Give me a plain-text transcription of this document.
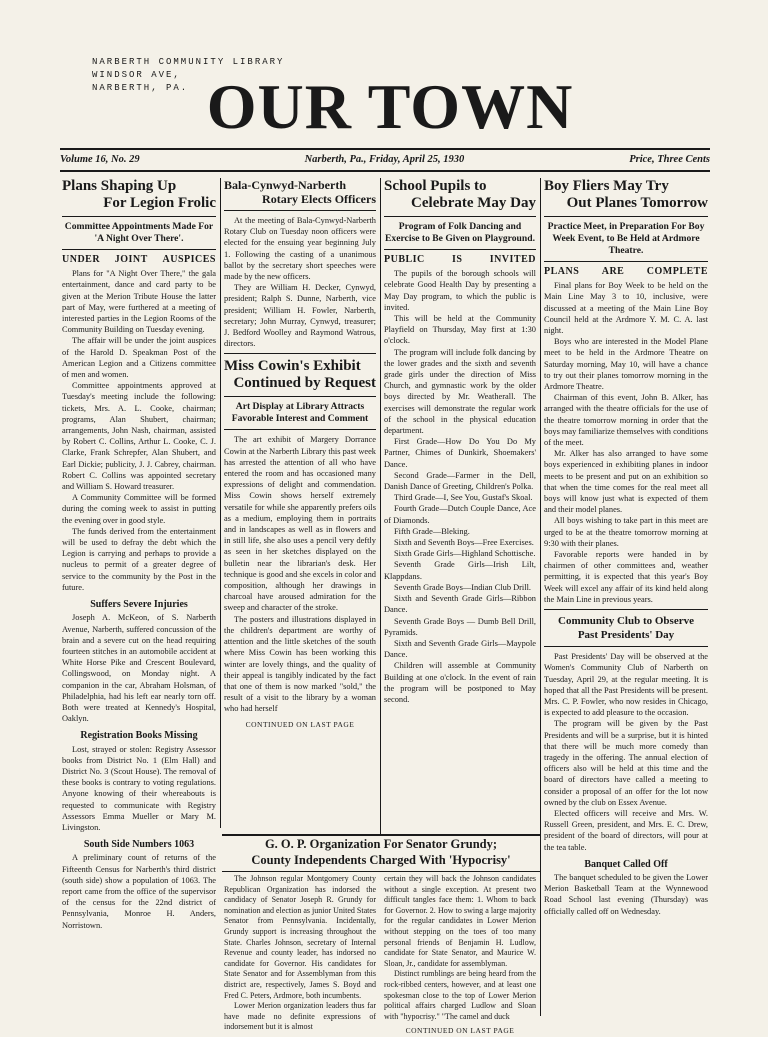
NARBERTH COMMUNITY LIBRARY
WINDSOR AVE,
NARBERTH, PA. OUR TOWN
Volume 16, No. 29	Narberth, Pa., Friday, April 25, 1930	Price, Three Cents
Plans Shaping Up
For Legion Frolic
Committee Appointments Made For 'A Night Over There'.
UNDER JOINT AUSPICES

Plans for "A Night Over There," the gala entertainment, dance and card party to be given at the Merion Tribute House the latter part of May, were furthered at a meeting of interested parties in the Legion Rooms of the Community Building on Tuesday evening.

The affair will be under the joint auspices of the Harold D. Speakman Post of the American Legion and a Citizens committee of men and women.

Committee appointments approved at Tuesday's meeting include the following: tickets, Mrs. A. L. Cooke, chairman; programs, Alan Shubert, chairman; arrangements, John Nash, chairman, assisted by Robert C. Collins, Arthur L. Cooke, C. J. Clarke, Frank Schrepfer, Alan Shubert, and Earl Dickie; publicity, J. J. Cabrey, chairman. Robert C. Collins was appointed secretary and William S. Howard treasurer.

A Community Committee will be formed during the coming week to assist in putting the evening over in good style.

The funds derived from the entertainment will be used to defray the debt which the Legion is carrying and perhaps to provide a nucleus to permit of a greater degree of service to the community by the Post in the future.

Suffers Severe Injuries

Joseph A. McKeon, of S. Narberth Avenue, Narberth, suffered concussion of the brain and a severe cut on the head requiring fourteen stitches in an automobile accident at White Horse Pike and Crescent Boulevard, Collingswood, on Monday night. A companion in the car, Abraham Holsman, of Philadelphia, had his left ear nearly torn off. Both were treated at Kennedy's Hospital, Oaklyn.

Registration Books Missing

Lost, strayed or stolen: Registry Assessor books from District No. 1 (Elm Hall) and District No. 3 (Scout House). The removal of these books is contrary to voting regulations. Anyone knowing of their whereabouts is requested to communicate with Registry Assessors Emma Mueller or Mary M. Livingston.

South Side Numbers 1063

A preliminary count of returns of the Fifteenth Census for Narberth's third district (south side) show a population of 1063. The report came from the office of the supervisor of the census for the 22nd district of Pennsylvania, Monroe H. Anders, Norristown.

Bala-Cynwyd-Narberth
Rotary Elects Officers

At the meeting of Bala-Cynwyd-Narberth Rotary Club on Tuesday noon officers were elected for the ensuing year beginning July 1. Following the casting of a unanimous ballot by the secretary short speeches were made by the new officers.

They are William H. Decker, Cynwyd, president; Ralph S. Dunne, Narberth, vice president; William H. Fowler, Narberth, secretary; John Murray, Cynwyd, treasurer; J. Bedford Woolley and Raymond Watrous, directors.

Miss Cowin's Exhibit
Continued by Request
Art Display at Library Attracts Favorable Interest and Comment

The art exhibit of Margery Dorrance Cowin at the Narberth Library this past week has arrested the attention of all who have entered the room and has occasioned many expressions of delight and commendation. Miss Cowin shows herself extremely versatile for while she apparently prefers oils as a medium, employing them in portraits and in landscapes as well as in flowers and in still life, she also uses a pencil very deftly as seen in her sketches displayed on the bulletin near the librarian's desk. Her technique is good and she excels in color and composition, although her drawings in charcoal have aroused admiration for the sweep and character of the stroke.

The posters and illustrations displayed in the children's department are worthy of attention and the little sketches of the south where Miss Cowin has been working this winter are lovely things, and the quality of their appeal is tangibly indicated by the fact that one of them is now marked "sold," the result of a visit to the library by a woman who had herself

CONTINUED ON LAST PAGE
School Pupils to
Celebrate May Day
Program of Folk Dancing and Exercise to Be Given on Playground.
PUBLIC	IS	INVITED

The pupils of the borough schools will celebrate Good Health Day by presenting a May Day program, to which the public is invited.

This will be held at the Community Playfield on Thursday, May first at 1:30 o'clock.

The program will include folk dancing by the lower grades and the sixth and seventh grade girls under the direction of Miss Church, and gymnastic work by the older boys directed by Mr. Weatherall. The exercises will demonstrate the regular work of the school in the physical education department.

First Grade—How Do You Do My Partner, Chimes of Dunkirk, Shoemakers' Dance.

Second Grade—Farmer in the Dell, Danish Dance of Greeting, Children's Polka.

Third Grade—I, See You, Gustaf's Skoal.

Fourth Grade—Dutch Couple Dance, Ace of Diamonds.

Fifth Grade—Bleking.

Sixth and Seventh Boys—Free Exercises.

Sixth Grade Girls—Highland Schottische.

Seventh Grade Girls—Irish Lilt, Klappdans.

Seventh Grade Boys—Indian Club Drill.

Sixth and Seventh Grade Girls—Ribbon Dance.

Seventh Grade Boys — Dumb Bell Drill, Pyramids.

Sixth and Seventh Grade Girls—Maypole Dance.

Children will assemble at Community Building at one o'clock. In the event of rain the program will be postponed to May second.

Boy Fliers May Try
Out Planes Tomorrow
Practice Meet, in Preparation For Boy Week Event, to Be Held at Ardmore Theatre.
PLANS ARE COMPLETE

Final plans for Boy Week to be held on the Main Line May 3 to 10, inclusive, were discussed at a meeting of the Main Line Boy Council held at the Ardmore Y. M. C. A. last night.

Boys who are interested in the Model Plane meet to be held in the Ardmore Theatre on Saturday morning, May 10, will have a chance to try out their planes tomorrow morning in the Ardmore Theatre.

Chairman of this event, John B. Alker, has arranged with the theatre officials for the use of the theatre tomorrow morning in order that the boys may familiarize themselves with conditions of the meet.

Mr. Alker has also arranged to have some boys experienced in exhibiting planes in indoor meets to be present and put on an exhibition so that when the time comes for the real meet all boys will know just what is expected of them and their model planes.

All boys wishing to take part in this meet are urged to be at the theatre tomorrow morning at 9:30 with their planes.

Favorable reports were handed in by chairmen of other committees and, weather permitting, it is expected that this year's Boy Week will excel any affair of its kind held along the Main Line in previous years.

Community Club to Observe
Past Presidents' Day

Past Presidents' Day will be observed at the Women's Community Club of Narberth on Tuesday, April 29, at the regular meeting. It is hoped that all the Past Presidents will be present. Mrs. C. P. Fowler, who now resides in Chicago, is expected to add pleasure to the occasion.

The program will be given by the Past Presidents and will be a surprise, but it is hinted that there will be much more comedy than tragedy in the offering. The annual election of officers also will be held at this time and the board of directors have called a meeting to consider a proposal of an offer for the lot now owned by the club on Essex Avenue.

Elected officers will receive and Mrs. W. Russell Green, president, and Mrs. E. C. Drew, president of the board of directors, will pour at the tea table.

Banquet Called Off

The banquet scheduled to be given the Lower Merion Basketball Team at the Wynnewood Road School last evening (Thursday) was officially called off on Wednesday.

G. O. P. Organization For Senator Grundy;
County Independents Charged With 'Hypocrisy'

The Johnson regular Montgomery County Republican Organization has indorsed the candidacy of Senator Joseph R. Grundy for nomination and election as junior United States Senator from Pennsylvania. Incidentally, Grundy support is increasing throughout the State. Charles Johnson, secretary of Internal Revenue and county leader, has indorsed no candidate for Governor. His candidates for State Senator and for Assemblyman from this district are, respectively, James S. Boyd and Fred C. Peters, Ardmore, both incumbents.

Lower Merion organization leaders thus far have made no definite expressions of indorsement but it is almost

certain they will back the Johnson candidates without a single exception. At present two difficult tangles face them: 1. Whom to back for Governor. 2. How to swing a large majority for the regular candidates in Lower Merion without stepping on the toes of too many personal friends of Benjamin H. Ludlow, candidate for State Senator, and Maurice W. Sloan, Jr., candidate for assemblyman.

Distinct rumblings are being heard from the rock-ribbed centers, however, and at least one spokesman close to the top of Lower Merion political affairs charged Ludlow and Sloan with "hypocrisy." "The camel and duck

CONTINUED ON LAST PAGE
